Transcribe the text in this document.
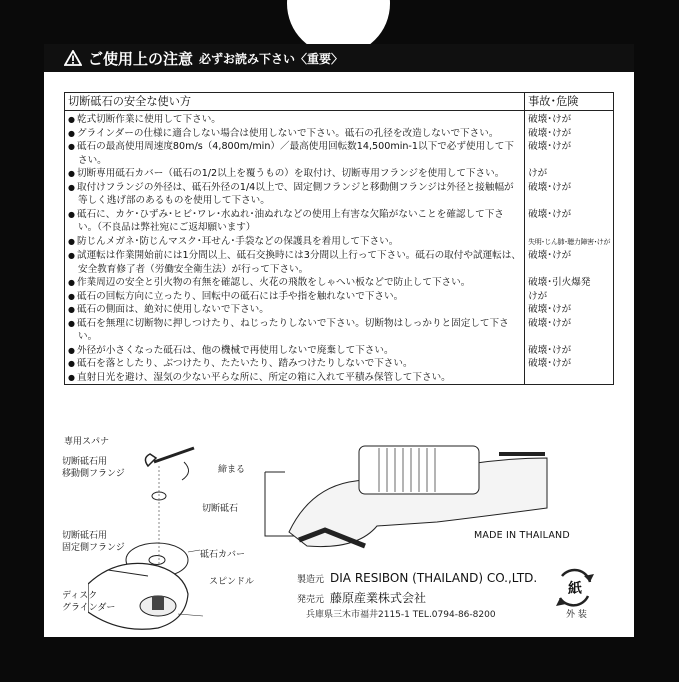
ご使用上の注意 必ずお読み下さい〈重要〉
切断砥石の安全な使い方	事故･危険

● 乾式切断作業に使用して下さい。	破壊･けが

● グラインダーの仕様に適合しない場合は使用しないで下さい。砥石の孔径を改造しないで下さい。	破壊･けが

● 砥石の最高使用周速度80m/s（4,800m/min）／最高使用回転数14,500min-1以下で必ず使用して下さい。	破壊･けが

● 切断専用砥石カバー（砥石の1/2以上を覆うもの）を取付け、切断専用フランジを使用して下さい。	けが

● 取付けフランジの外径は、砥石外径の1/4以上で、固定側フランジと移動側フランジは外径と接触幅が等しく逃げ部のあるものを使用して下さい。	破壊･けが

● 砥石に、カケ･ひずみ･ヒビ･ワレ･水ぬれ･油ぬれなどの使用上有害な欠陥がないことを確認して下さい。（不良品は弊社宛にご返却願います）	破壊･けが

● 防じんメガネ･防じんマスク･耳せん･手袋などの保護具を着用して下さい。	失明･じん肺･聴力障害･けが

● 試運転は作業開始前には1分間以上、砥石交換時には3分間以上行って下さい。砥石の取付や試運転は、安全教育修了者（労働安全衛生法）が行って下さい。	破壊･けが

● 作業周辺の安全と引火物の有無を確認し、火花の飛散をしゃへい板などで防止して下さい。	破壊･引火爆発

● 砥石の回転方向に立ったり、回転中の砥石には手や指を触れないで下さい。	けが

● 砥石の側面は、絶対に使用しないで下さい。	破壊･けが

● 砥石を無理に切断物に押しつけたり、ねじったりしないで下さい。切断物はしっかりと固定して下さい。	破壊･けが

● 外径が小さくなった砥石は、他の機械で再使用しないで廃棄して下さい。	破壊･けが

● 砥石を落としたり、ぶつけたり、たたいたり、踏みつけたりしないで下さい。	破壊･けが

● 直射日光を避け、湿気の少ない平らな所に、所定の箱に入れて平積み保管して下さい。

専用スパナ
締まる
切断砥石用
移動側フランジ
切断砥石
切断砥石用
固定側フランジ
砥石カバー
スピンドル
ディスク
グラインダー
MADE IN THAILAND
製造元 DIA RESIBON (THAILAND) CO.,LTD.
発売元 藤原産業株式会社
兵庫県三木市福井2115-1 TEL.0794-86-8200
紙
外 装
